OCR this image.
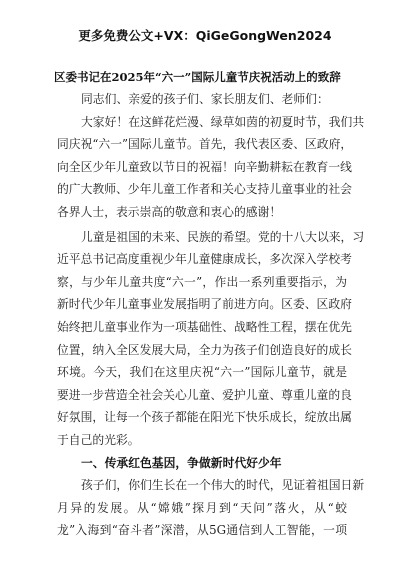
更多免费公文+VX：QiGeGongWen2024
区委书记在2025年“六一”国际儿童节庆祝活动上的致辞
同志们、亲爱的孩子们、家长朋友们、老师们：
大家好！在这鲜花烂漫、绿草如茵的初夏时节，我们共
同庆祝“六一”国际儿童节。首先，我代表区委、区政府，
向全区少年儿童致以节日的祝福！向辛勤耕耘在教育一线
的广大教师、少年儿童工作者和关心支持儿童事业的社会
各界人士，表示崇高的敬意和衷心的感谢！
儿童是祖国的未来、民族的希望。党的十八大以来，习
近平总书记高度重视少年儿童健康成长，多次深入学校考
察，与少年儿童共度“六一”，作出一系列重要指示，为
新时代少年儿童事业发展指明了前进方向。区委、区政府
始终把儿童事业作为一项基础性、战略性工程，摆在优先
位置，纳入全区发展大局，全力为孩子们创造良好的成长
环境。今天，我们在这里庆祝“六一”国际儿童节，就是
要进一步营造全社会关心儿童、爱护儿童、尊重儿童的良
好氛围，让每一个孩子都能在阳光下快乐成长，绽放出属
于自己的光彩。
一、传承红色基因，争做新时代好少年
孩子们，你们生长在一个伟大的时代，见证着祖国日新
月异的发展。从“嫦娥”探月到“天问”落火，从“蛟
龙”入海到“奋斗者”深潜，从5G通信到人工智能，一项
